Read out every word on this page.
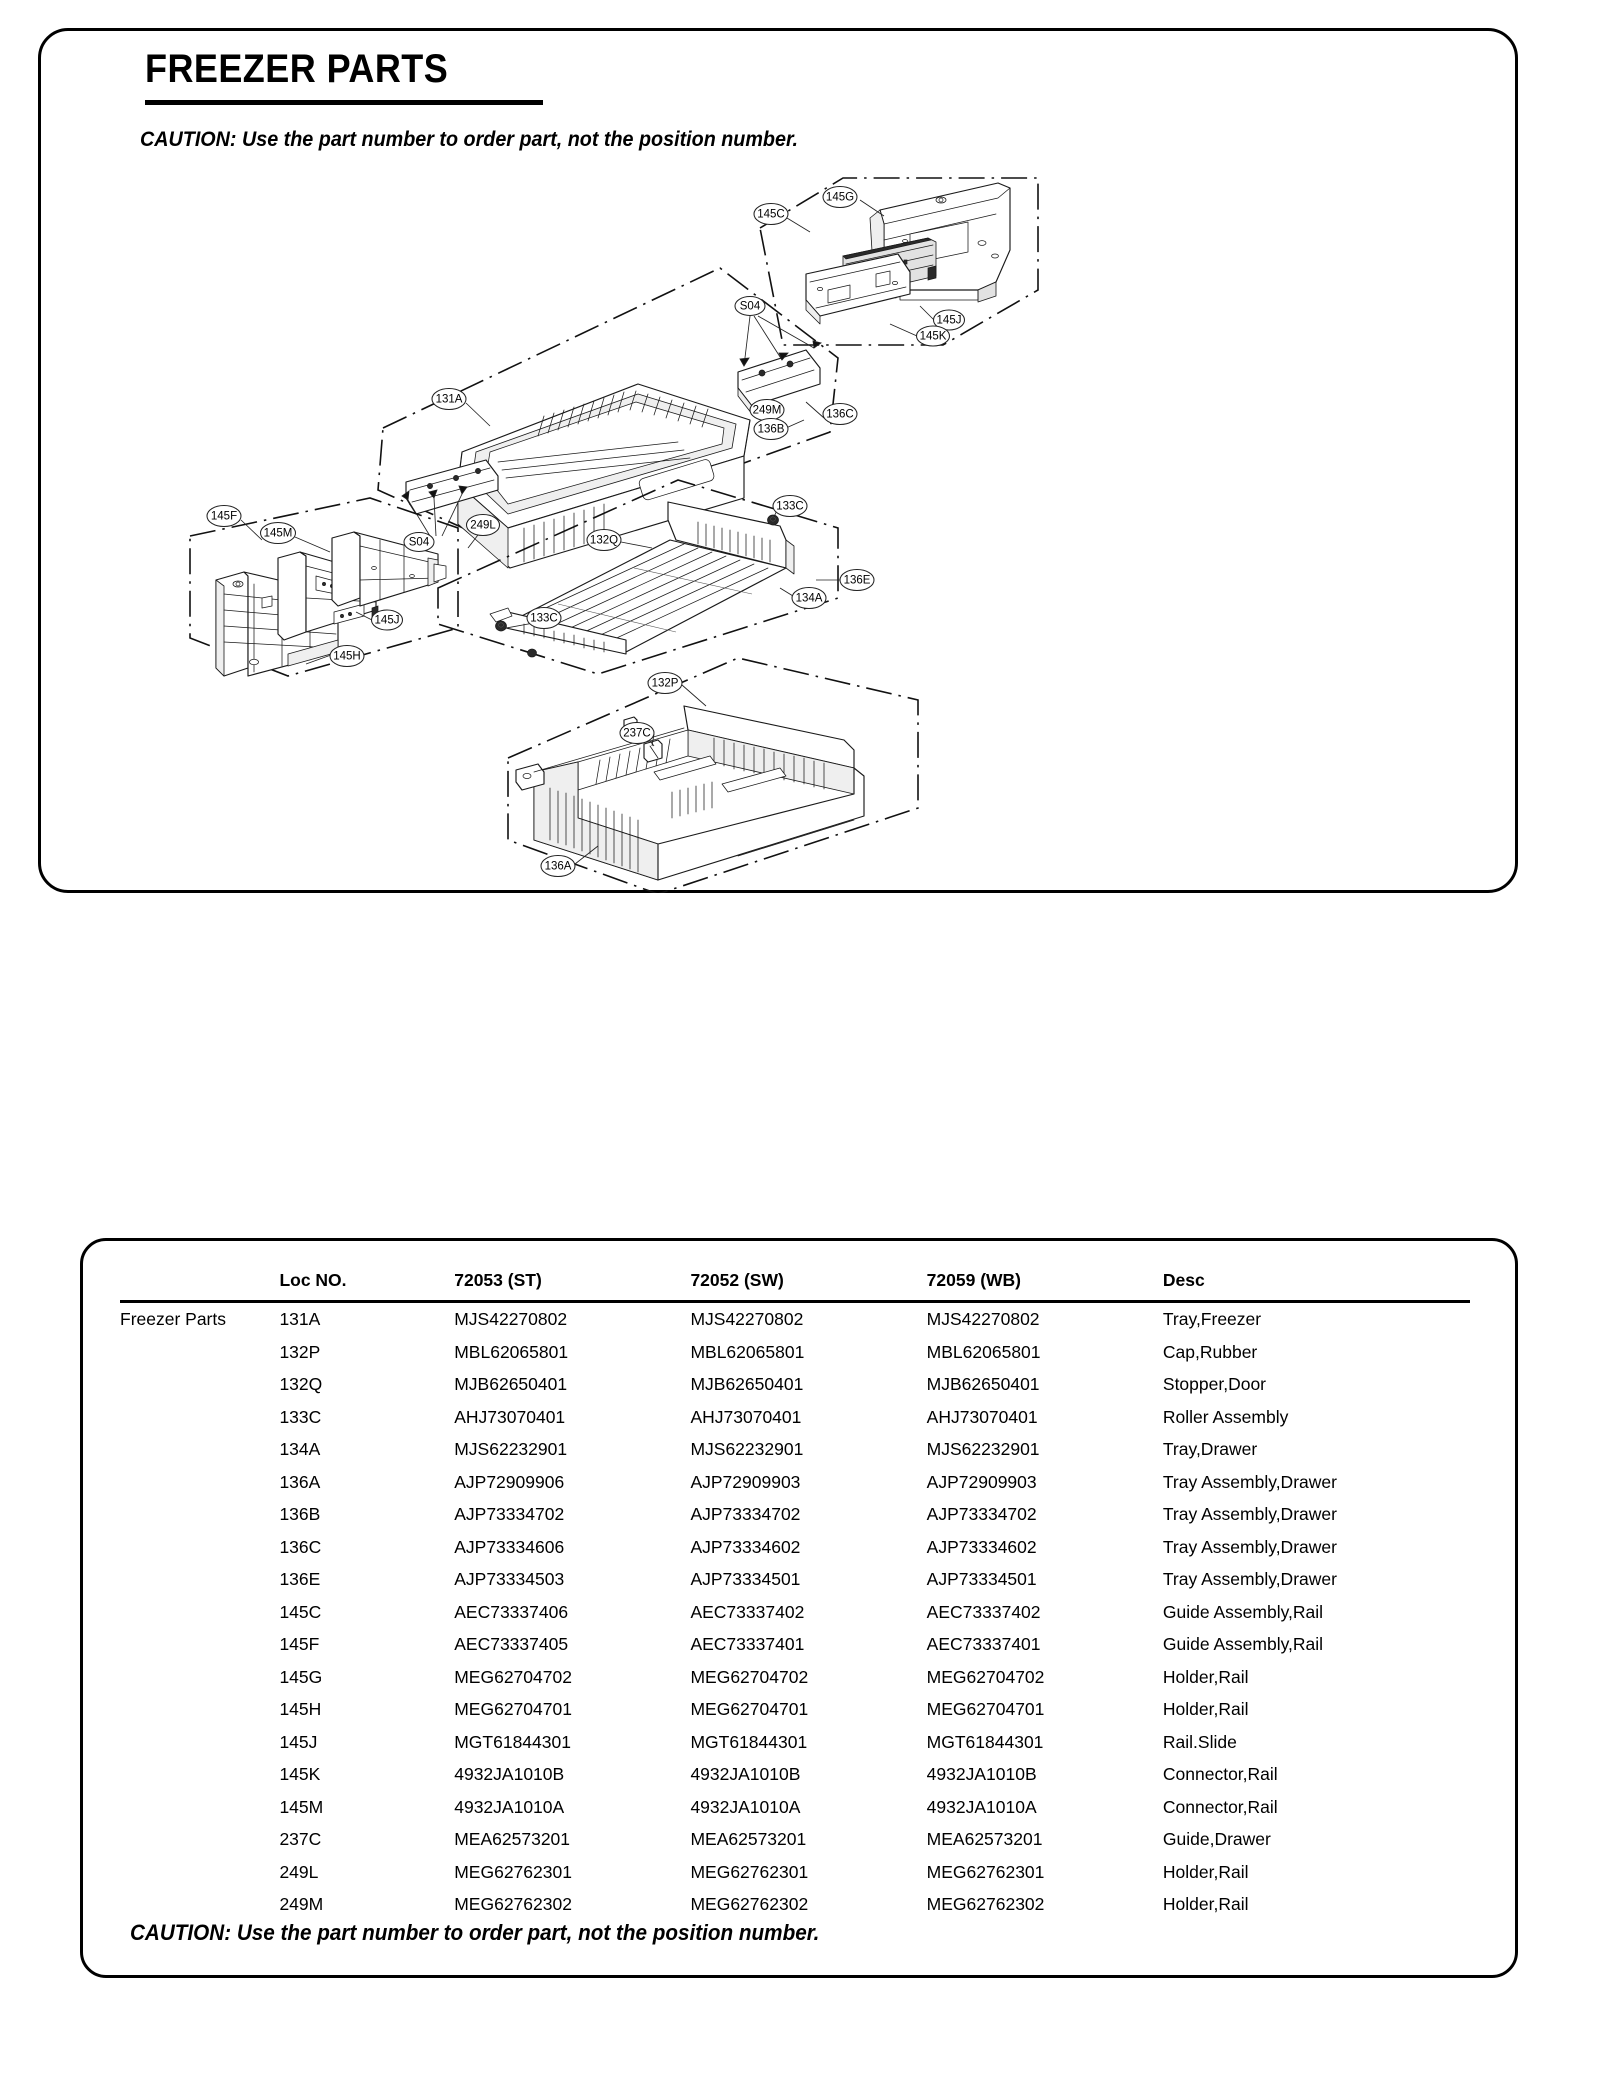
FREEZER PARTS
CAUTION: Use the part number to order part, not the position number.
145C
145G
145J
145K
S04
249M	136C
136B
131A
145F
145M
145J
145H
S04
249L
133C
132Q
136E
134A
133C
132P
237C
136A
	Loc NO.	72053 (ST)	72052 (SW)	72059 (WB)	Desc
Freezer Parts	131A	MJS42270802	MJS42270802	MJS42270802	Tray,Freezer
	132P	MBL62065801	MBL62065801	MBL62065801	Cap,Rubber
	132Q	MJB62650401	MJB62650401	MJB62650401	Stopper,Door
	133C	AHJ73070401	AHJ73070401	AHJ73070401	Roller Assembly
	134A	MJS62232901	MJS62232901	MJS62232901	Tray,Drawer
	136A	AJP72909906	AJP72909903	AJP72909903	Tray Assembly,Drawer
	136B	AJP73334702	AJP73334702	AJP73334702	Tray Assembly,Drawer
	136C	AJP73334606	AJP73334602	AJP73334602	Tray Assembly,Drawer
	136E	AJP73334503	AJP73334501	AJP73334501	Tray Assembly,Drawer
	145C	AEC73337406	AEC73337402	AEC73337402	Guide Assembly,Rail
	145F	AEC73337405	AEC73337401	AEC73337401	Guide Assembly,Rail
	145G	MEG62704702	MEG62704702	MEG62704702	Holder,Rail
	145H	MEG62704701	MEG62704701	MEG62704701	Holder,Rail
	145J	MGT61844301	MGT61844301	MGT61844301	Rail.Slide
	145K	4932JA1010B	4932JA1010B	4932JA1010B	Connector,Rail
	145M	4932JA1010A	4932JA1010A	4932JA1010A	Connector,Rail
	237C	MEA62573201	MEA62573201	MEA62573201	Guide,Drawer
	249L	MEG62762301	MEG62762301	MEG62762301	Holder,Rail
	249M	MEG62762302	MEG62762302	MEG62762302	Holder,Rail
CAUTION: Use the part number to order part, not the position number.
